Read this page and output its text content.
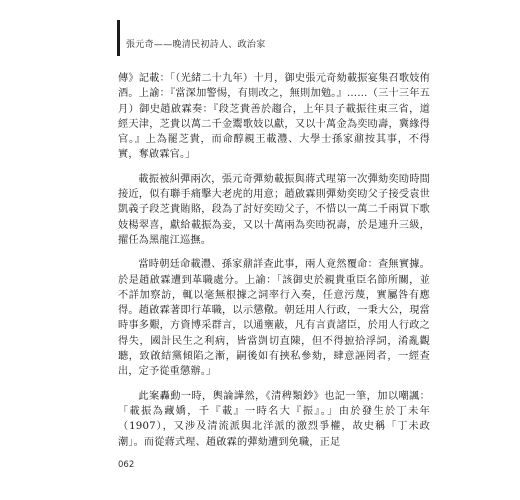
張元奇——晚清民初詩人、政治家

傳》記載：「（光緒二十九年）十月，御史張元奇劾載振宴集召歌妓侑酒。上諭：『當深加警惕，有則改之，無則加勉。』……（三十三年五月）御史趙啟霖奏：『段芝貴善於趨合，上年貝子載振往東三省，道經天津，芝貴以萬二千金鬻歌妓以獻，又以十萬金為奕劻壽，冀緣得官。』上為罷芝貴，而命醇親王載灃、大學士孫家鼐按其事，不得實，奪啟霖官。」

載振被糾彈兩次，張元奇彈劾載振與蔣式瑆第一次彈劾奕劻時間接近，似有聯手痛擊大老虎的用意；趙啟霖則彈劾奕劻父子接受袁世凱義子段芝貴賄賂，段為了討好奕劻父子，不惜以一萬二千兩買下歌妓楊翠喜，獻給載振為妾，又以十萬兩為奕劻祝壽，於是連升三級，擢任為黑龍江巡撫。

當時朝廷命載灃、孫家鼐詳查此事，兩人竟然覆命：查無實據。於是趙啟霖遭到革職處分。上諭：「該御史於親貴重臣名節所關，並不詳加察訪，輒以毫無根據之詞率行入奏，任意污蔑，實屬咎有應得。趙啟霖著即行革職，以示懲儆。朝廷用人行政，一秉大公，現當時事多艱，方資博采群言，以通壅蔽，凡有言責諸臣，於用人行政之得失，國計民生之利病，皆當剴切直陳，但不得摭拾浮詞，淆亂觀聽，致啟結黨傾陷之漸，嗣後如有挾私參劾，肆意誣罔者，一經查出，定予從重懲辦。」

此案轟動一時，輿論譁然，《清稗類鈔》也記一筆，加以嘲諷：「載振為藏嬌，千『載』一時名大『振』。」由於發生於丁未年（1907），又涉及清流派與北洋派的激烈爭權，故史稱「丁未政潮」。而從蔣式瑆、趙啟霖的彈劾遭到免職，正足

062
